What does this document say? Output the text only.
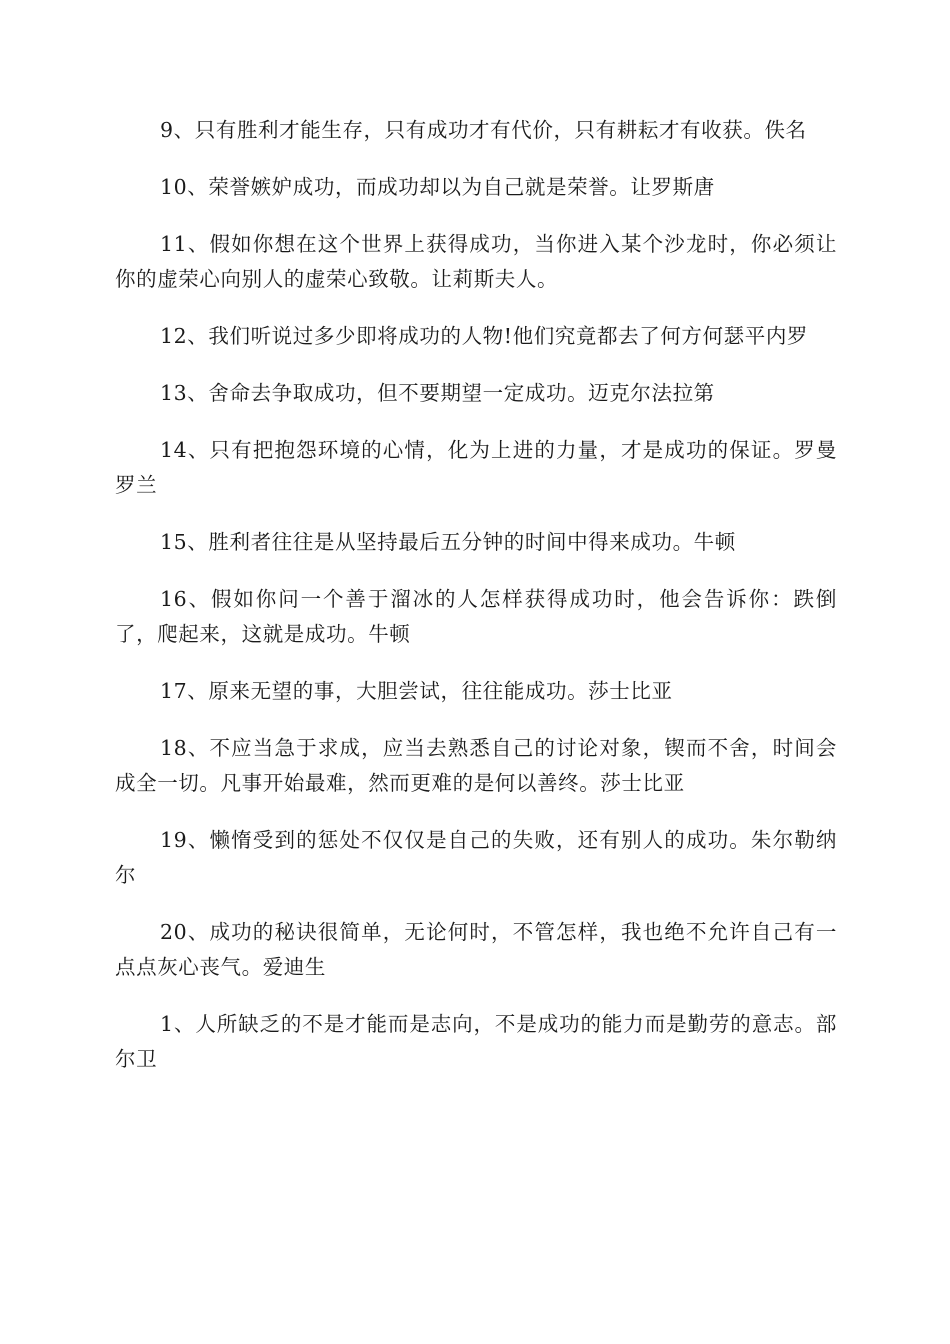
9、只有胜利才能生存，只有成功才有代价，只有耕耘才有收获。佚名

10、荣誉嫉妒成功，而成功却以为自己就是荣誉。让罗斯唐

11、假如你想在这个世界上获得成功，当你进入某个沙龙时，你必须让你的虚荣心向别人的虚荣心致敬。让莉斯夫人。

12、我们听说过多少即将成功的人物!他们究竟都去了何方何瑟平内罗

13、舍命去争取成功，但不要期望一定成功。迈克尔法拉第

14、只有把抱怨环境的心情，化为上进的力量，才是成功的保证。罗曼罗兰

15、胜利者往往是从坚持最后五分钟的时间中得来成功。牛顿

16、假如你问一个善于溜冰的人怎样获得成功时，他会告诉你：跌倒了，爬起来，这就是成功。牛顿

17、原来无望的事，大胆尝试，往往能成功。莎士比亚

18、不应当急于求成，应当去熟悉自己的讨论对象，锲而不舍，时间会成全一切。凡事开始最难，然而更难的是何以善终。莎士比亚

19、懒惰受到的惩处不仅仅是自己的失败，还有别人的成功。朱尔勒纳尔

20、成功的秘诀很简单，无论何时，不管怎样，我也绝不允许自己有一点点灰心丧气。爱迪生

1、人所缺乏的不是才能而是志向，不是成功的能力而是勤劳的意志。部尔卫
